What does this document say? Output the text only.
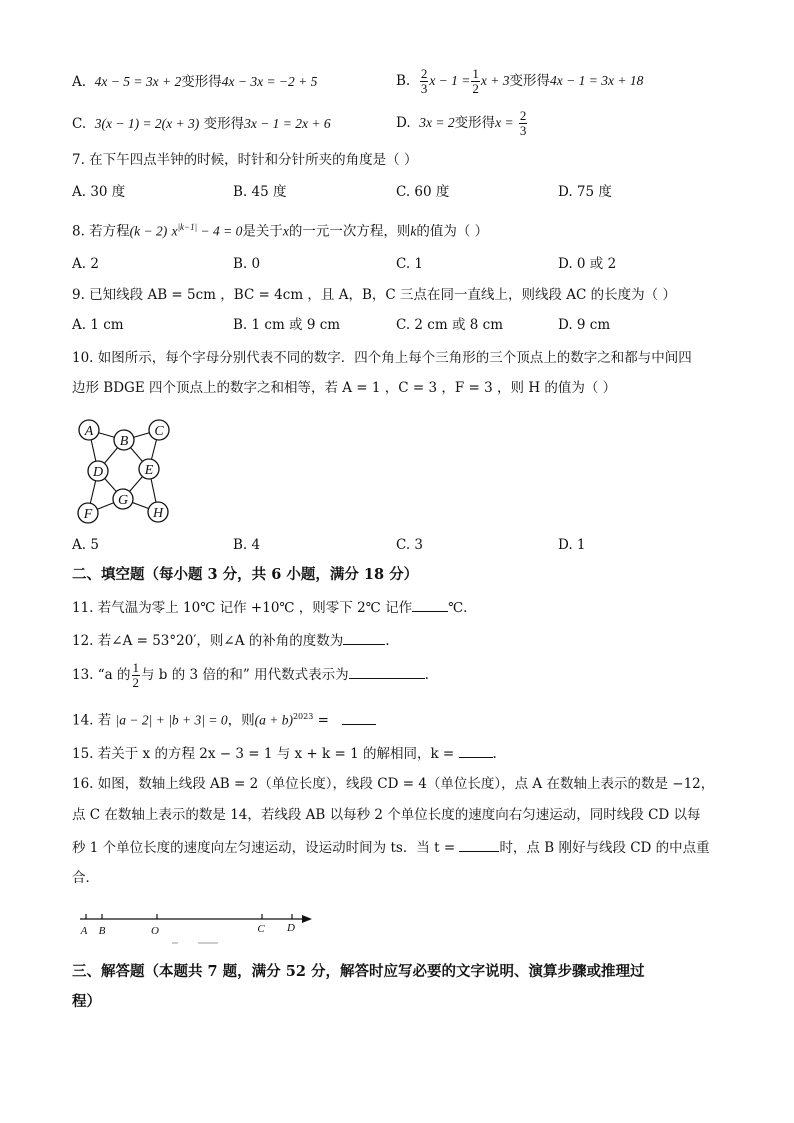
A. 4x − 5 = 3x + 2变形得4x − 3x = −2 + 5	B. $\frac{2}{3}$ $x - 1 = \frac{1}{2}$ x + 3变形得4x − 1 = 3x + 18
C. 3(x − 1) = 2(x + 3) 变形得3x − 1 = 2x + 6	D. 3x = 2变形得$x = \frac{2}{3}$
7. 在下午四点半钟的时候，时针和分针所夹的角度是（ ）
A. 30 度	B. 45 度	C. 60 度	D. 75 度
8. 若方程(k − 2) $x^{|k-1|} - 4 = 0$是关于x的一元一次方程，则k的值为（ ）
A. 2	B. 0	C. 1	D. 0 或 2
9. 已知线段 AB = 5cm ，BC = 4cm ，且 A，B，C 三点在同一直线上，则线段 AC 的长度为（ ）
A. 1 cm	B. 1 cm 或 9 cm	C. 2 cm 或 8 cm	D. 9 cm
10. 如图所示，每个字母分别代表不同的数字．四个角上每个三角形的三个顶点上的数字之和都与中间四
边形 BDGE 四个顶点上的数字之和相等，若 A = 1 ，C = 3 ，F = 3 ，则 H 的值为（ ）
A
B
C
D	E
F
G
H
A. 5	B. 4	C. 3	D. 1
二、填空题（每小题 3 分，共 6 小题，满分 18 分）
11. 若气温为零上 10℃ 记作 +10℃ ，则零下 2℃ 记作	℃.
12. 若∠A = 53°20′，则∠A 的补角的度数为	.
13. “a 的 $\frac{1}{2}$ 与 b 的 3 倍的和” 用代数式表示为	.
14. 若 |a − 2| + |b + 3| = 0，则$(a + b)^{2023}$ =
15. 若关于 x 的方程 2x − 3 = 1 与 x + k = 1 的解相同，k =	.
16. 如图，数轴上线段 AB = 2（单位长度），线段 CD = 4（单位长度），点 A 在数轴上表示的数是 −12，
点 C 在数轴上表示的数是 14，若线段 AB 以每秒 2 个单位长度的速度向右匀速运动，同时线段 CD 以每
秒 1 个单位长度的速度向左匀速运动，设运动时间为 ts．当 t =	时，点 B 刚好与线段 CD 的中点重
合．
A B	O	C D
三、解答题（本题共 7 题，满分 52 分，解答时应写必要的文字说明、演算步骤或推理过
程）
